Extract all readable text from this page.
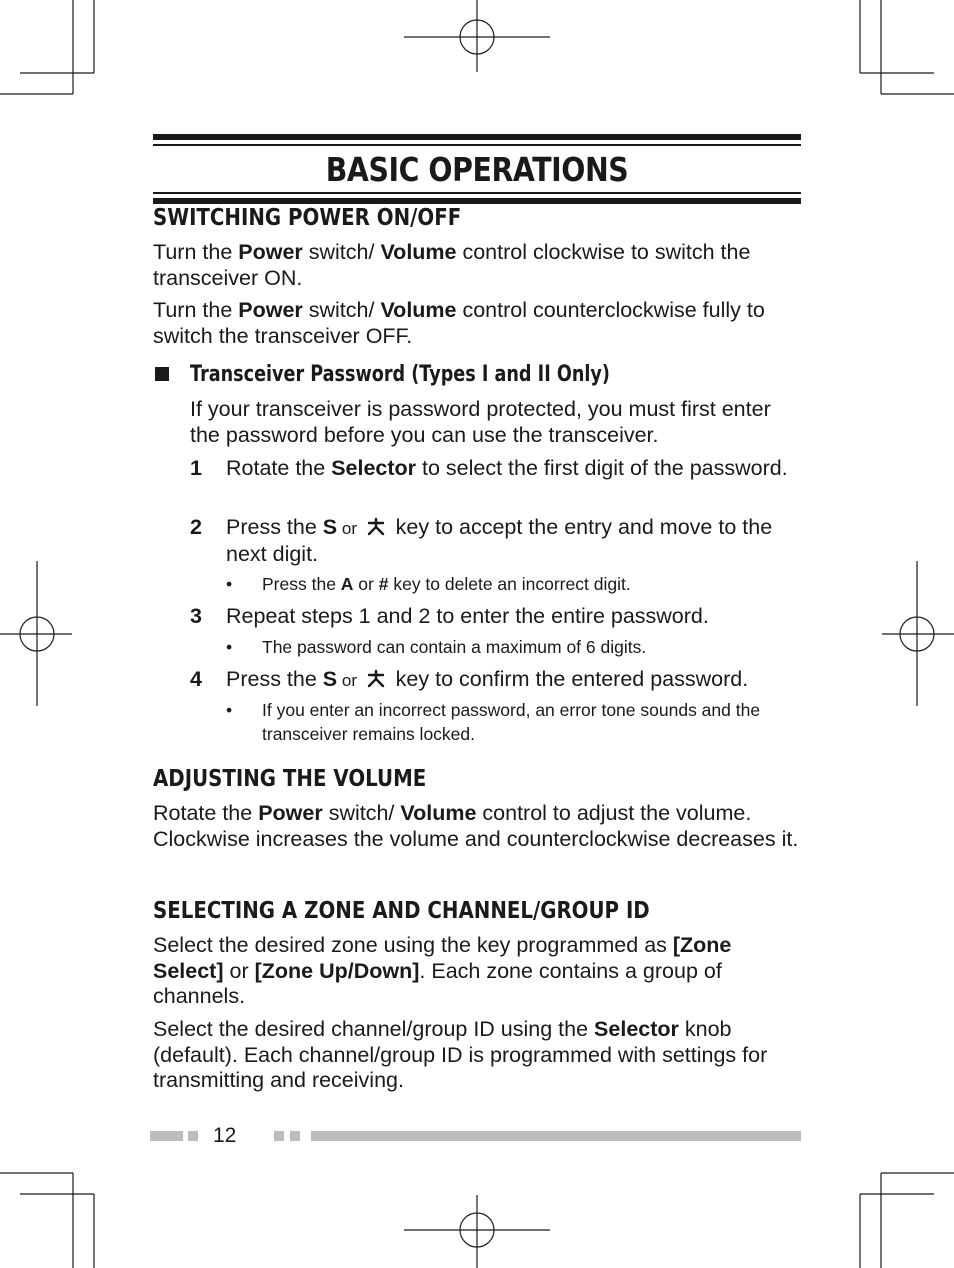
BASIC OPERATIONS
SWITCHING POWER ON/OFF

Turn the Power switch/ Volume control clockwise to switch the transceiver ON.

Turn the Power switch/ Volume control counterclockwise fully to switch the transceiver OFF.

Transceiver Password (Types I and II Only)

If your transceiver is password protected, you must first enter the password before you can use the transceiver.

1 Rotate the Selector to select the first digit of the password.
2 Press the S or  key to accept the entry and move to the next digit.
• Press the A or # key to delete an incorrect digit.
3 Repeat steps 1 and 2 to enter the entire password.
• The password can contain a maximum of 6 digits.
4 Press the S or  key to confirm the entered password.
• If you enter an incorrect password, an error tone sounds and the transceiver remains locked.
ADJUSTING THE VOLUME

Rotate the Power switch/ Volume control to adjust the volume. Clockwise increases the volume and counterclockwise decreases it.

SELECTING A ZONE AND CHANNEL/GROUP ID

Select the desired zone using the key programmed as [Zone Select] or [Zone Up/Down]. Each zone contains a group of channels.

Select the desired channel/group ID using the Selector knob (default). Each channel/group ID is programmed with settings for transmitting and receiving.

12
